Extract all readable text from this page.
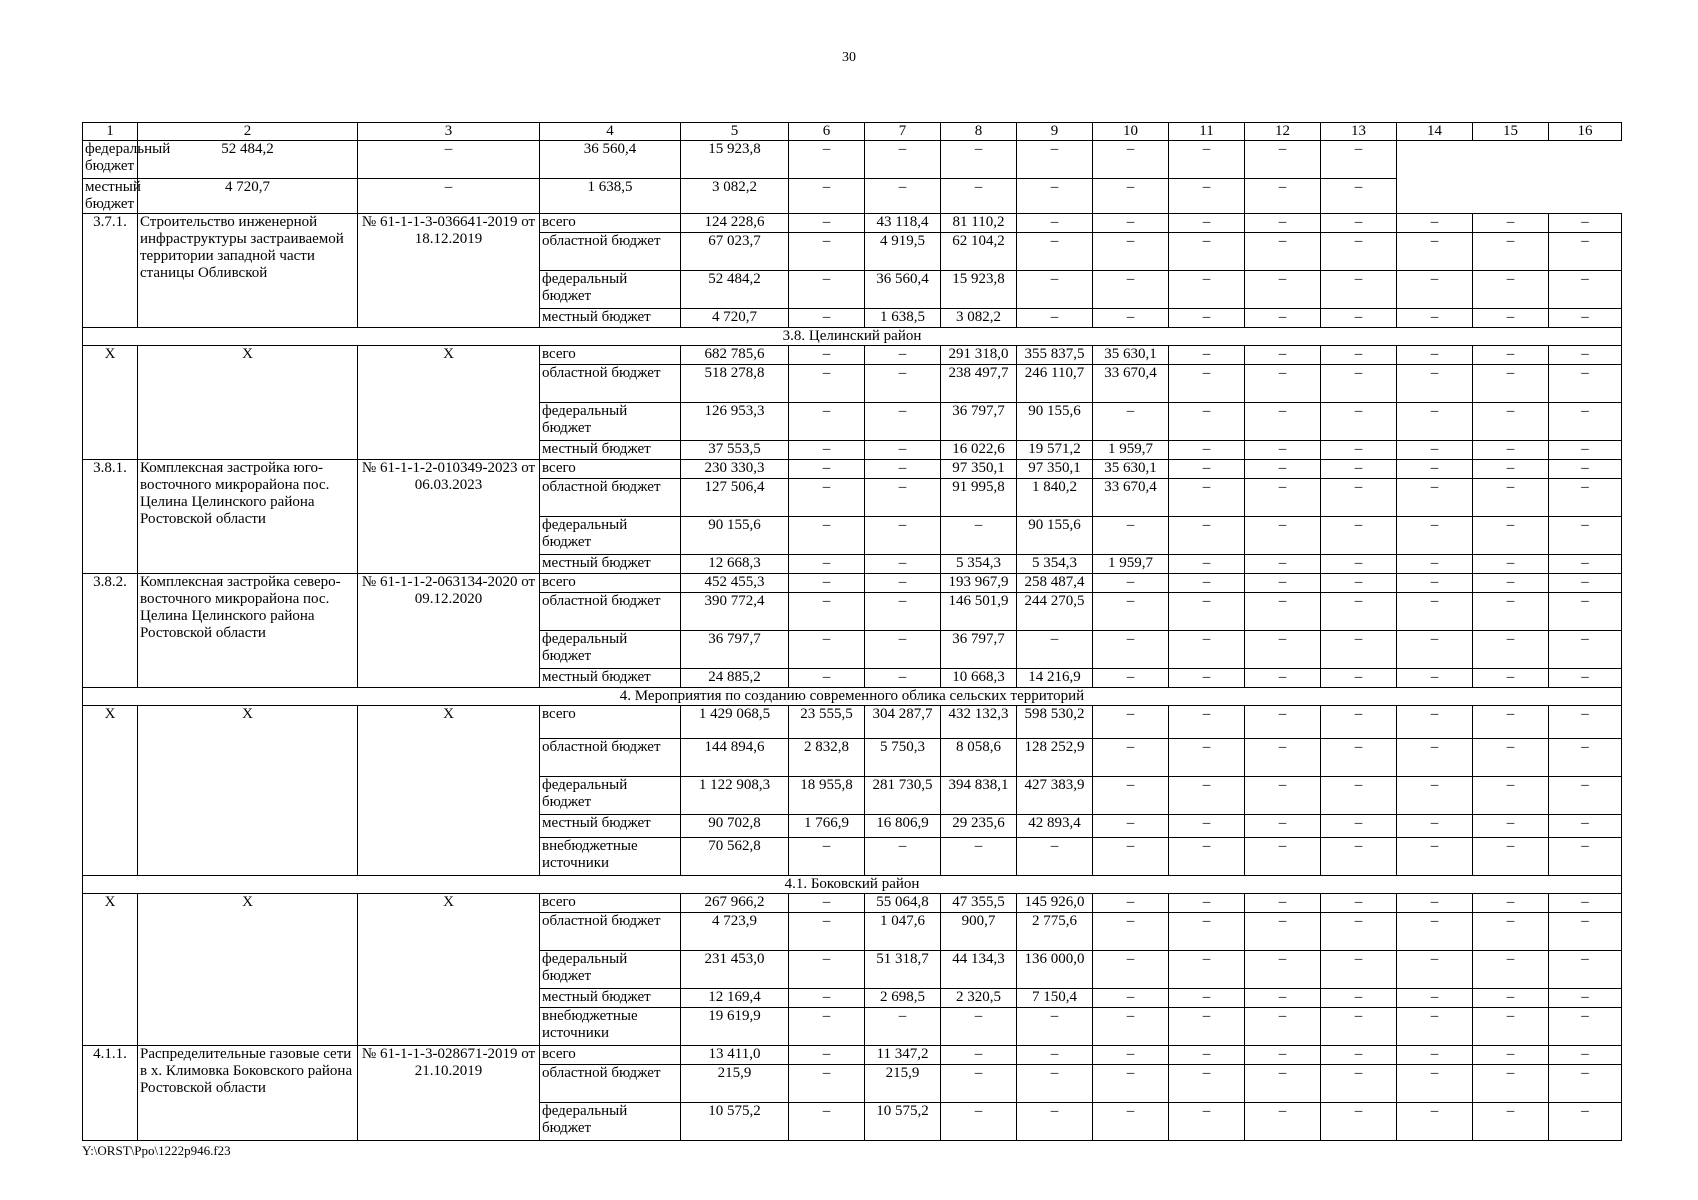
30
1	2	3	4	5	6	7	8	9	10	11	12	13	14	15	16
федеральный бюджет	52 484,2	–	36 560,4	15 923,8	–	–	–	–	–	–	–	–			
местный бюджет	4 720,7	–	1 638,5	3 082,2	–	–	–	–	–	–	–	–			
3.7.1.	Строительство инженерной инфраструктуры застраиваемой территории западной части станицы Обливской	№ 61-1-1-3-036641-2019 от 18.12.2019	всего	124 228,6	–	43 118,4	81 110,2	–	–	–	–	–	–	–	–
			областной бюджет	67 023,7	–	4 919,5	62 104,2	–	–	–	–	–	–	–	–
			федеральный бюджет	52 484,2	–	36 560,4	15 923,8	–	–	–	–	–	–	–	–
			местный бюджет	4 720,7	–	1 638,5	3 082,2	–	–	–	–	–	–	–	–
3.8. Целинский район															
Х	Х	Х	всего	682 785,6	–	–	291 318,0	355 837,5	35 630,1	–	–	–	–	–	–
			областной бюджет	518 278,8	–	–	238 497,7	246 110,7	33 670,4	–	–	–	–	–	–
			федеральный бюджет	126 953,3	–	–	36 797,7	90 155,6	–	–	–	–	–	–	–
			местный бюджет	37 553,5	–	–	16 022,6	19 571,2	1 959,7	–	–	–	–	–	–
3.8.1.	Комплексная застройка юго-восточного микрорайона пос. Целина Целинского района Ростовской области	№ 61-1-1-2-010349-2023 от 06.03.2023	всего	230 330,3	–	–	97 350,1	97 350,1	35 630,1	–	–	–	–	–	–
			областной бюджет	127 506,4	–	–	91 995,8	1 840,2	33 670,4	–	–	–	–	–	–
			федеральный бюджет	90 155,6	–	–	–	90 155,6	–	–	–	–	–	–	–
			местный бюджет	12 668,3	–	–	5 354,3	5 354,3	1 959,7	–	–	–	–	–	–
3.8.2.	Комплексная застройка северо-восточного микрорайона пос. Целина Целинского района Ростовской области	№ 61-1-1-2-063134-2020 от 09.12.2020	всего	452 455,3	–	–	193 967,9	258 487,4	–	–	–	–	–	–	–
			областной бюджет	390 772,4	–	–	146 501,9	244 270,5	–	–	–	–	–	–	–
			федеральный бюджет	36 797,7	–	–	36 797,7	–	–	–	–	–	–	–	–
			местный бюджет	24 885,2	–	–	10 668,3	14 216,9	–	–	–	–	–	–	–
4. Мероприятия по созданию современного облика сельских территорий															
Х	Х	Х	всего	1 429 068,5	23 555,5	304 287,7	432 132,3	598 530,2	–	–	–	–	–	–	–
			областной бюджет	144 894,6	2 832,8	5 750,3	8 058,6	128 252,9	–	–	–	–	–	–	–
			федеральный бюджет	1 122 908,3	18 955,8	281 730,5	394 838,1	427 383,9	–	–	–	–	–	–	–
			местный бюджет	90 702,8	1 766,9	16 806,9	29 235,6	42 893,4	–	–	–	–	–	–	–
			внебюджетные источники	70 562,8	–	–	–	–	–	–	–	–	–	–	–
4.1. Боковский район															
Х	Х	Х	всего	267 966,2	–	55 064,8	47 355,5	145 926,0	–	–	–	–	–	–	–
			областной бюджет	4 723,9	–	1 047,6	900,7	2 775,6	–	–	–	–	–	–	–
			федеральный бюджет	231 453,0	–	51 318,7	44 134,3	136 000,0	–	–	–	–	–	–	–
			местный бюджет	12 169,4	–	2 698,5	2 320,5	7 150,4	–	–	–	–	–	–	–
			внебюджетные источники	19 619,9	–	–	–	–	–	–	–	–	–	–	–
4.1.1.	Распределительные газовые сети в х. Климовка Боковского района Ростовской области	№ 61-1-1-3-028671-2019 от 21.10.2019	всего	13 411,0	–	11 347,2	–	–	–	–	–	–	–	–	–
			областной бюджет	215,9	–	215,9	–	–	–	–	–	–	–	–	–
			федеральный бюджет	10 575,2	–	10 575,2	–	–	–	–	–	–	–	–	–
Y:\ORST\Ppo\1222p946.f23
